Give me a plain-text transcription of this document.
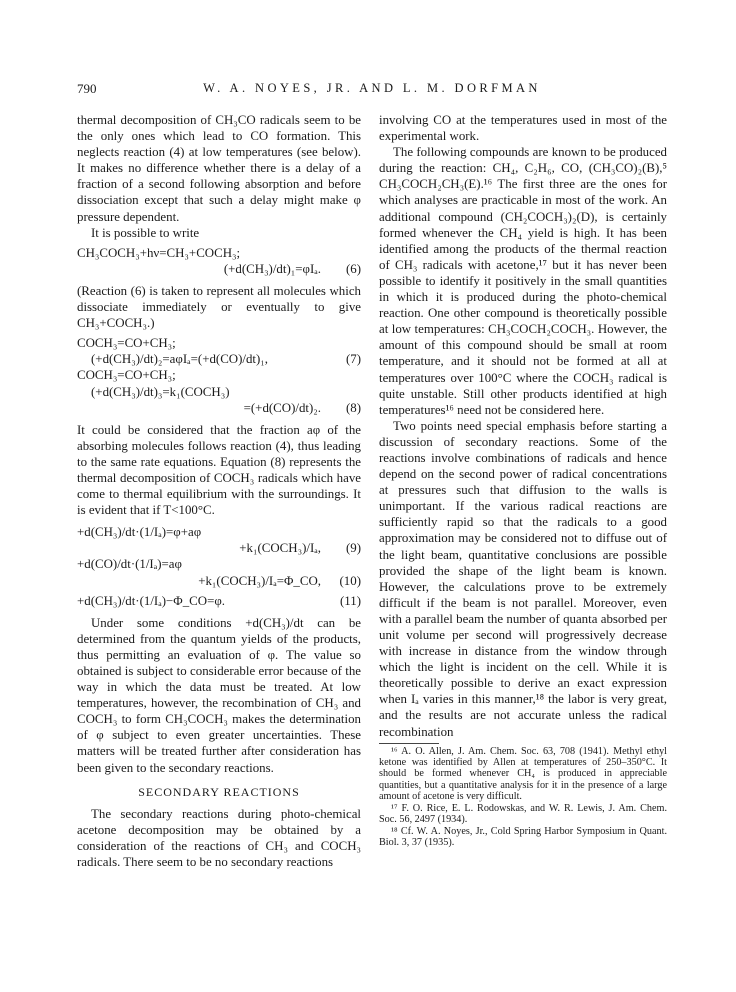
790	W. A. NOYES, JR. AND L. M. DORFMAN

thermal decomposition of CH₃CO radicals seem to be the only ones which lead to CO formation. This neglects reaction (4) at low temperatures (see below). It makes no difference whether there is a delay of a fraction of a second following absorption and before dissociation except that such a delay might make φ pressure dependent.

It is possible to write

CH₃COCH₃+hν=CH₃+COCH₃;
(+d(CH₃)/dt)₁=φIₐ. (6)

(Reaction (6) is taken to represent all molecules which dissociate immediately or eventually to give CH₃+COCH₃.)

COCH₃=CO+CH₃;
(+d(CH₃)/dt)₂=aφIₐ=(+d(CO)/dt)₁,	(7)
COCH₃=CO+CH₃;
(+d(CH₃)/dt)₃=k₁(COCH₃)
=(+d(CO)/dt)₂. (8)

It could be considered that the fraction aφ of the absorbing molecules follows reaction (4), thus leading to the same rate equations. Equation (8) represents the thermal decomposition of COCH₃ radicals which have come to thermal equilibrium with the surroundings. It is evident that if T<100°C.

+d(CH₃)/dt·(1/Iₐ)=φ+aφ
+k₁(COCH₃)/Iₐ, (9)
+d(CO)/dt·(1/Iₐ)=aφ
+k₁(COCH₃)/Iₐ=Φ_CO, (10)
+d(CH₃)/dt·(1/Iₐ)−Φ_CO=φ.	(11)

Under some conditions +d(CH₃)/dt can be determined from the quantum yields of the products, thus permitting an evaluation of φ. The value so obtained is subject to considerable error because of the way in which the data must be treated. At low temperatures, however, the recombination of CH₃ and COCH₃ to form CH₃COCH₃ makes the determination of φ subject to even greater uncertainties. These matters will be treated further after consideration has been given to the secondary reactions.

SECONDARY REACTIONS

The secondary reactions during photo-chemical acetone decomposition may be obtained by a consideration of the reactions of CH₃ and COCH₃ radicals. There seem to be no secondary reactions

involving CO at the temperatures used in most of the experimental work.

The following compounds are known to be produced during the reaction: CH₄, C₂H₆, CO, (CH₃CO)₂(B),⁵ CH₃COCH₂CH₃(E).¹⁶ The first three are the ones for which analyses are practicable in most of the work. An additional compound (CH₂COCH₃)₂(D), is certainly formed whenever the CH₄ yield is high. It has been identified among the products of the thermal reaction of CH₃ radicals with acetone,¹⁷ but it has never been possible to identify it positively in the small quantities in which it is produced during the photo-chemical reaction. One other compound is theoretically possible at low temperatures: CH₃COCH₂COCH₃. However, the amount of this compound should be small at room temperature, and it should not be formed at all at temperatures over 100°C where the COCH₃ radical is quite unstable. Still other products identified at high temperatures¹⁶ need not be considered here.

Two points need special emphasis before starting a discussion of secondary reactions. Some of the reactions involve combinations of radicals and hence depend on the second power of radical concentrations at pressures such that diffusion to the walls is unimportant. If the various radical reactions are sufficiently rapid so that the radicals to a good approximation may be considered not to diffuse out of the light beam, quantitative conclusions are possible provided the shape of the light beam is known. However, the calculations prove to be extremely difficult if the beam is not parallel. Moreover, even with a parallel beam the number of quanta absorbed per unit volume per second will progressively decrease with increase in distance from the window through which the light is incident on the cell. While it is theoretically possible to derive an exact expression when Iₐ varies in this manner,¹⁸ the labor is very great, and the results are not accurate unless the radical recombination

¹⁶ A. O. Allen, J. Am. Chem. Soc. 63, 708 (1941). Methyl ethyl ketone was identified by Allen at temperatures of 250–350°C. It should be formed whenever CH₄ is produced in appreciable quantities, but a quantitative analysis for it in the presence of a large amount of acetone is very difficult.

¹⁷ F. O. Rice, E. L. Rodowskas, and W. R. Lewis, J. Am. Chem. Soc. 56, 2497 (1934).

¹⁸ Cf. W. A. Noyes, Jr., Cold Spring Harbor Symposium in Quant. Biol. 3, 37 (1935).
